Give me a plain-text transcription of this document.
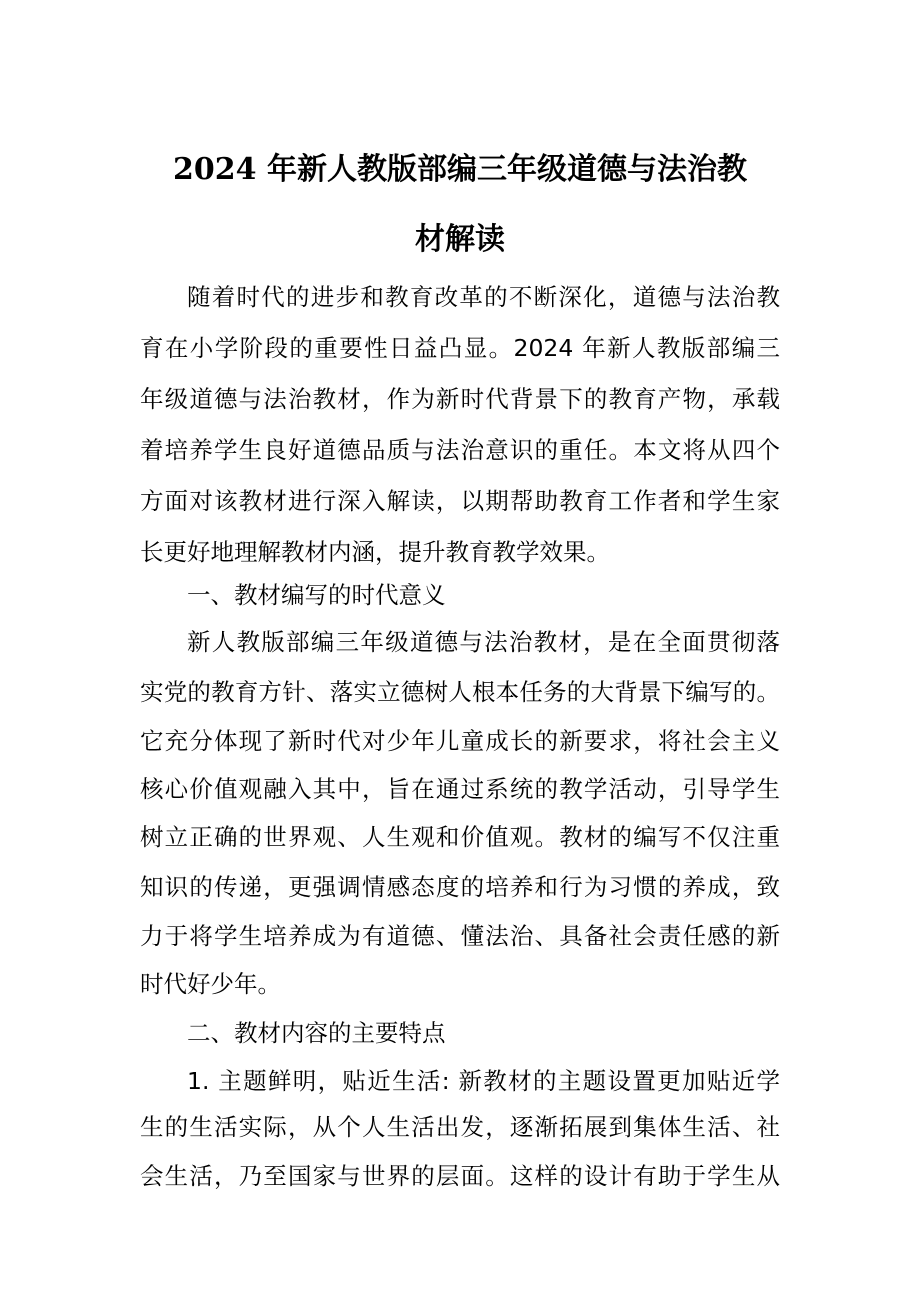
2024 年新人教版部编三年级道德与法治教
材解读
随着时代的进步和教育改革的不断深化，道德与法治教
育在小学阶段的重要性日益凸显。2024 年新人教版部编三
年级道德与法治教材，作为新时代背景下的教育产物，承载
着培养学生良好道德品质与法治意识的重任。本文将从四个
方面对该教材进行深入解读，以期帮助教育工作者和学生家
长更好地理解教材内涵，提升教育教学效果。
一、教材编写的时代意义
新人教版部编三年级道德与法治教材，是在全面贯彻落
实党的教育方针、落实立德树人根本任务的大背景下编写的。
它充分体现了新时代对少年儿童成长的新要求，将社会主义
核心价值观融入其中，旨在通过系统的教学活动，引导学生
树立正确的世界观、人生观和价值观。教材的编写不仅注重
知识的传递，更强调情感态度的培养和行为习惯的养成，致
力于将学生培养成为有道德、懂法治、具备社会责任感的新
时代好少年。
二、教材内容的主要特点
1. 主题鲜明，贴近生活: 新教材的主题设置更加贴近学
生的生活实际，从个人生活出发，逐渐拓展到集体生活、社
会生活，乃至国家与世界的层面。这样的设计有助于学生从
